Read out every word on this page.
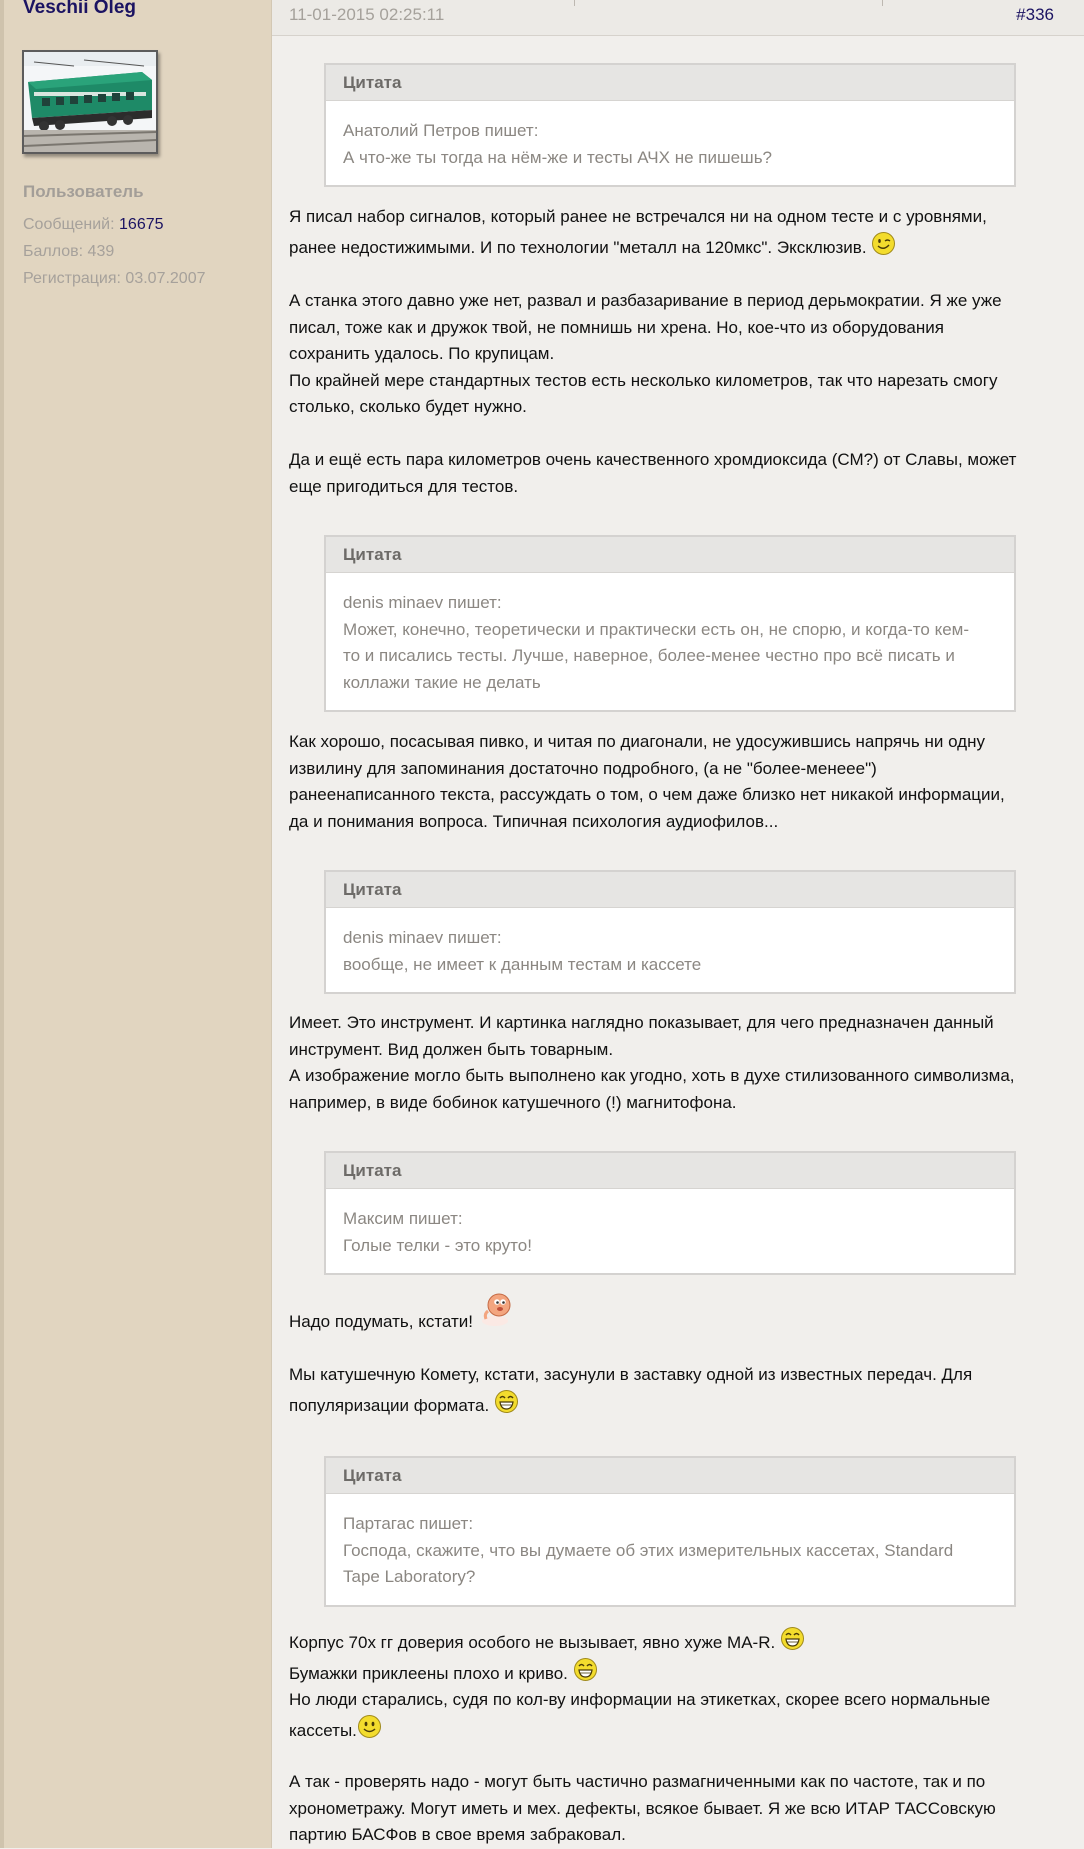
Veschii Oleg
Пользователь
Сообщений: 16675
Баллов: 439
Регистрация: 03.07.2007
11-01-2015 02:25:11	#336
Цитата
Анатолий Петров пишет:
А что-же ты тогда на нём-же и тесты АЧХ не пишешь?
Я писал набор сигналов, который ранее не встречался ни на одном тесте и с уровнями,
ранее недостижимыми. И по технологии "металл на 120мкс". Эксклюзив.
А станка этого давно уже нет, развал и разбазаривание в период дерьмократии. Я же уже
писал, тоже как и дружок твой, не помнишь ни хрена. Но, кое-что из оборудования
сохранить удалось. По крупицам.
По крайней мере стандартных тестов есть несколько километров, так что нарезать смогу
столько, сколько будет нужно.
Да и ещё есть пара километров очень качественного хромдиоксида (СМ?) от Славы, может
еще пригодиться для тестов.
Цитата
denis minaev пишет:
Может, конечно, теоретически и практически есть он, не спорю, и когда-то кем-
то и писались тесты. Лучше, наверное, более-менее честно про всё писать и
коллажи такие не делать
Как хорошо, посасывая пивко, и читая по диагонали, не удосужившись напрячь ни одну
извилину для запоминания достаточно подробного, (а не "более-менеее")
ранеенаписанного текста, рассуждать о том, о чем даже близко нет никакой информации,
да и понимания вопроса. Типичная психология аудиофилов...
Цитата
denis minaev пишет:
вообще, не имеет к данным тестам и кассете
Имеет. Это инструмент. И картинка наглядно показывает, для чего предназначен данный
инструмент. Вид должен быть товарным.
А изображение могло быть выполнено как угодно, хоть в духе стилизованного символизма,
например, в виде бобинок катушечного (!) магнитофона.
Цитата
Максим пишет:
Голые телки - это круто!
Надо подумать, кстати!
Мы катушечную Комету, кстати, засунули в заставку одной из известных передач. Для
популяризации формата.
Цитата
Партагас пишет:
Господа, скажите, что вы думаете об этих измерительных кассетах, Standard
Tape Laboratory?
Корпус 70х гг доверия особого не вызывает, явно хуже MA-R.
Бумажки приклеены плохо и криво.
Но люди старались, судя по кол-ву информации на этикетках, скорее всего нормальные
кассеты.
А так - проверять надо - могут быть частично размагниченными как по частоте, так и по
хронометражу. Могут иметь и мех. дефекты, всякое бывает. Я же всю ИТАР ТАССовскую
партию БАСФов в свое время забраковал.
